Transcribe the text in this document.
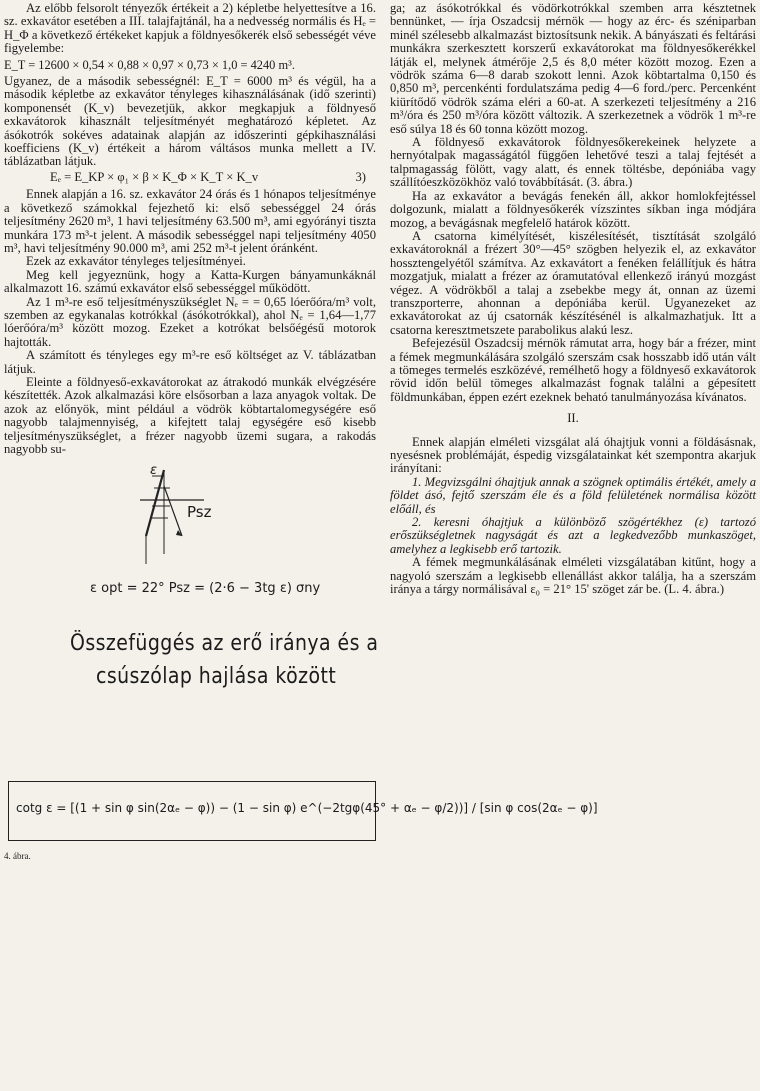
Az előbb felsorolt tényezők értékeit a 2) képletbe helyettesítve a 16. sz. exkavátor esetében a III. talajfajtánál, ha a nedvesség normális és Hₑ = H_Φ a következő értékeket kapjuk a földnyesőkerék első sebességét véve figyelembe:

E_T = 12600 × 0,54 × 0,88 × 0,97 × 0,73 × 1,0 = 4240 m³.

Ugyanez, de a második sebességnél: E_T = 6000 m³ és végül, ha a második képletbe az exkavátor tényleges kihasználásának (idő szerinti) komponensét (K_v) bevezetjük, akkor megkapjuk a földnyeső exkavátorok kihasznált teljesítményét meghatározó képletet. Az ásókotrók sokéves adatainak alapján az időszerinti gépkihasználási koefficiens (K_v) értékeit a három váltásos munka mellett a IV. táblázatban látjuk.

Eₑ = E_KP × φ₁ × β × K_Φ × K_T × K_v	3)

Ennek alapján a 16. sz. exkavátor 24 órás és 1 hónapos teljesítménye a következő számokkal fejezhető ki: első sebességgel 24 órás teljesítmény 2620 m³, 1 havi teljesítmény 63.500 m³, ami egyórányi tiszta munkára 173 m³-t jelent. A második sebességgel napi teljesítmény 4050 m³, havi teljesítmény 90.000 m³, ami 252 m³-t jelent óránként.

Ezek az exkavátor tényleges teljesítményei.

Meg kell jegyeznünk, hogy a Katta-Kurgen bányamunkáknál alkalmazott 16. számú exkavátor első sebességgel működött.

Az 1 m³-re eső teljesítményszükséglet Nₑ = = 0,65 lóerőóra/m³ volt, szemben az egykanalas kotrókkal (ásókotrókkal), ahol Nₑ = 1,64—1,77 lóerőóra/m³ között mozog. Ezeket a kotrókat belsőégésű motorok hajtották.

A számított és tényleges egy m³-re eső költséget az V. táblázatban látjuk.

Eleinte a földnyeső-exkavátorokat az átrakodó munkák elvégzésére készítették. Azok alkalmazási köre elsősorban a laza anyagok voltak. De azok az előnyök, mint például a vödrök köbtartalomegységére eső nagyobb talajmennyiség, a kifejtett talaj egységére eső kisebb teljesítményszükséglet, a frézer nagyobb üzemi sugara, a rakodás nagyobb su-

ε
Psz
ε opt = 22° Psz = (2·6 − 3tg ε) σny
Összefüggés az erő iránya és a
csúszólap hajlása között
cotg ε = [(1 + sin φ sin(2αₑ − φ)) − (1 − sin φ) e^(−2tgφ(45° + αₑ − φ/2))] / [sin φ cos(2αₑ − φ)]
4. ábra.

ga; az ásókotrókkal és vödörkotrókkal szemben arra késztetnek bennünket, — írja Oszadcsij mérnök — hogy az érc- és széniparban minél szélesebb alkalmazást biztosítsunk nekik. A bányászati és feltárási munkákra szerkesztett korszerű exkavátorokat ma földnyesőkerékkel látják el, melynek átmérője 2,5 és 8,0 méter között mozog. Ezen a vödrök száma 6—8 darab szokott lenni. Azok köbtartalma 0,150 és 0,850 m³, percenkénti fordulatszáma pedig 4—6 ford./perc. Percenként kiürítődő vödrök száma eléri a 60-at. A szerkezeti teljesítmény a 216 m³/óra és 250 m³/óra között változik. A szerkezetnek a vödrök 1 m³-re eső súlya 18 és 60 tonna között mozog.

A földnyeső exkavátorok földnyesőkerekeinek helyzete a hernyótalpak magasságától függően lehetővé teszi a talaj fejtését a talpmagasság fölött, vagy alatt, és ennek töltésbe, depóniába vagy szállítóeszközökhöz való továbbítását. (3. ábra.)

Ha az exkavátor a bevágás fenekén áll, akkor homlokfejtéssel dolgozunk, mialatt a földnyesőkerék vízszintes síkban inga módjára mozog, a bevágásnak megfelelő határok között.

A csatorna kimélyítését, kiszélesítését, tisztítását szolgáló exkavátoroknál a frézert 30°—45° szögben helyezik el, az exkavátor hossztengelyétől számítva. Az exkavátort a fenéken felállítjuk és hátra mozgatjuk, mialatt a frézer az óramutatóval ellenkező irányú mozgást végez. A vödrökből a talaj a zsebekbe megy át, onnan az üzemi transzporterre, ahonnan a depóniába kerül. Ugyanezeket az exkavátorokat az új csatornák készítésénél is alkalmazhatjuk. Itt a csatorna keresztmetszete parabolikus alakú lesz.

Befejezésül Oszadcsij mérnök rámutat arra, hogy bár a frézer, mint a fémek megmunkálására szolgáló szerszám csak hosszabb idő után vált a tömeges termelés eszközévé, remélhető hogy a földnyeső exkavátorok rövid időn belül tömeges alkalmazást fognak találni a gépesített földmunkában, éppen ezért ezeknek beható tanulmányozása kívánatos.

II.

Ennek alapján elméleti vizsgálat alá óhajtjuk vonni a földásásnak, nyesésnek problémáját, éspedig vizsgálatainkat két szempontra akarjuk irányítani:

1. Megvizsgálni óhajtjuk annak a szögnek optimális értékét, amely a földet ásó, fejtő szerszám éle és a föld felületének normálisa között előáll, és

2. keresni óhajtjuk a különböző szögértékhez (ε) tartozó erőszükségletnek nagyságát és azt a legkedvezőbb munkaszöget, amelyhez a legkisebb erő tartozik.

A fémek megmunkálásának elméleti vizsgálatában kitűnt, hogy a nagyoló szerszám a legkisebb ellenállást akkor találja, ha a szerszám iránya a tárgy normálisával ε₀ = 21° 15' szöget zár be. (L. 4. ábra.)
